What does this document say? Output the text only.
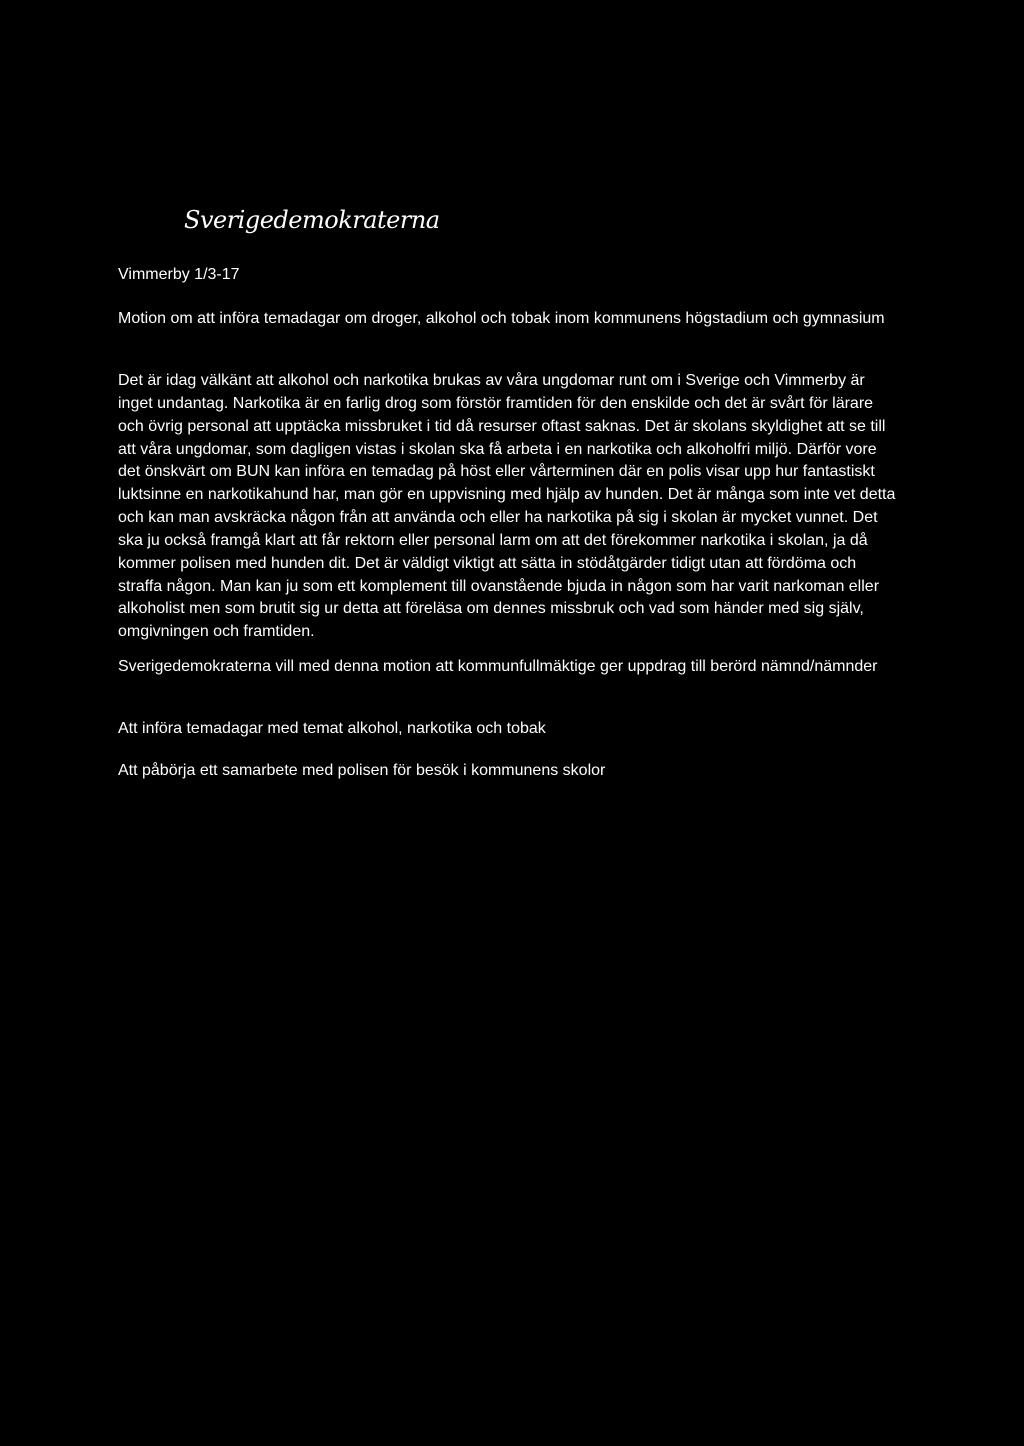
Sverigedemokraterna
Vimmerby 1/3-17

Motion om att införa temadagar om droger, alkohol och tobak inom kommunens högstadium och gymnasium

Det är idag välkänt att alkohol och narkotika brukas av våra ungdomar runt om i Sverige och Vimmerby är inget undantag. Narkotika är en farlig drog som förstör framtiden för den enskilde och det är svårt för lärare och övrig personal att upptäcka missbruket i tid då resurser oftast saknas. Det är skolans skyldighet att se till att våra ungdomar, som dagligen vistas i skolan ska få arbeta i en narkotika och alkoholfri miljö. Därför vore det önskvärt om BUN kan införa en temadag på höst eller vårterminen där en polis visar upp hur fantastiskt luktsinne en narkotikahund har, man gör en uppvisning med hjälp av hunden. Det är många som inte vet detta och kan man avskräcka någon från att använda och eller ha narkotika på sig i skolan är mycket vunnet. Det ska ju också framgå klart att får rektorn eller personal larm om att det förekommer narkotika i skolan, ja då kommer polisen med hunden dit. Det är väldigt viktigt att sätta in stödåtgärder tidigt utan att fördöma och straffa någon. Man kan ju som ett komplement till ovanstående bjuda in någon som har varit narkoman eller alkoholist men som brutit sig ur detta att föreläsa om dennes missbruk och vad som händer med sig själv, omgivningen och framtiden.

Sverigedemokraterna vill med denna motion att kommunfullmäktige ger uppdrag till berörd nämnd/nämnder

Att införa temadagar med temat alkohol, narkotika och tobak

Att påbörja ett samarbete med polisen för besök i kommunens skolor
